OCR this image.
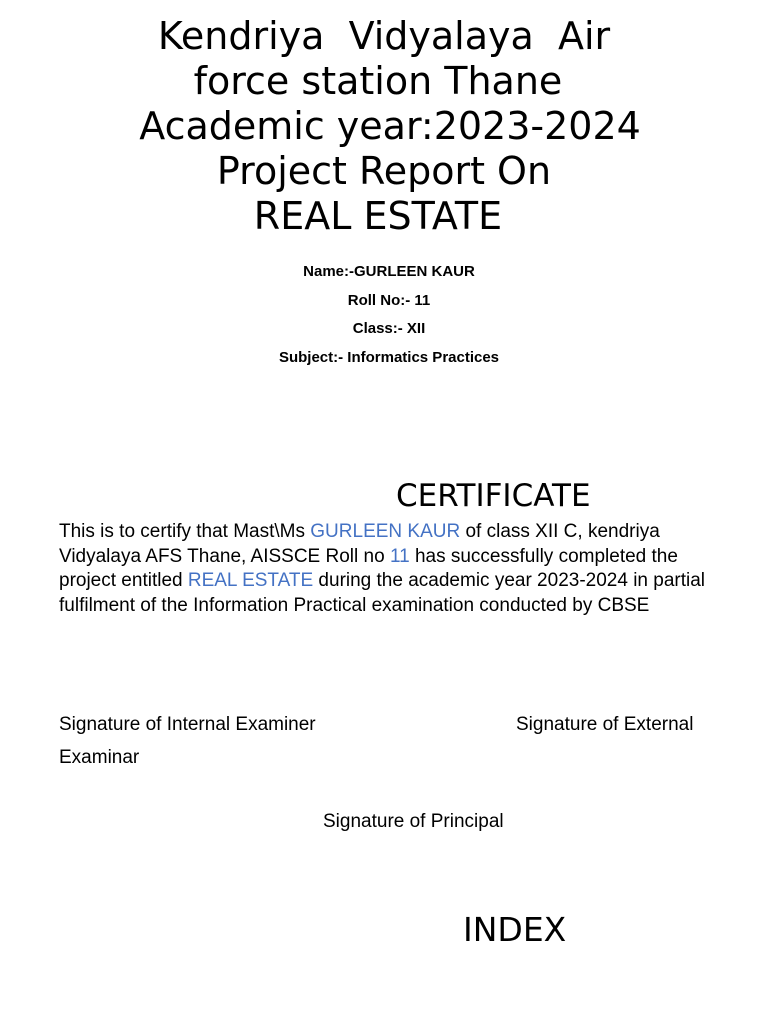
Kendriya  Vidyalaya  Air
force station Thane
Academic year:2023-2024
Project Report On
REAL ESTATE
Name:-GURLEEN KAUR
Roll No:- 11
Class:- XII
Subject:- Informatics Practices
CERTIFICATE
This is to certify that Mast\Ms GURLEEN KAUR of class XII C, kendriya Vidyalaya AFS Thane, AISSCE Roll no 11 has successfully completed the project entitled REAL ESTATE during the academic year 2023-2024 in partial fulfilment of the Information Practical examination conducted by CBSE
Signature of Internal Examiner	Signature of External
Examinar
Signature of Principal
INDEX
